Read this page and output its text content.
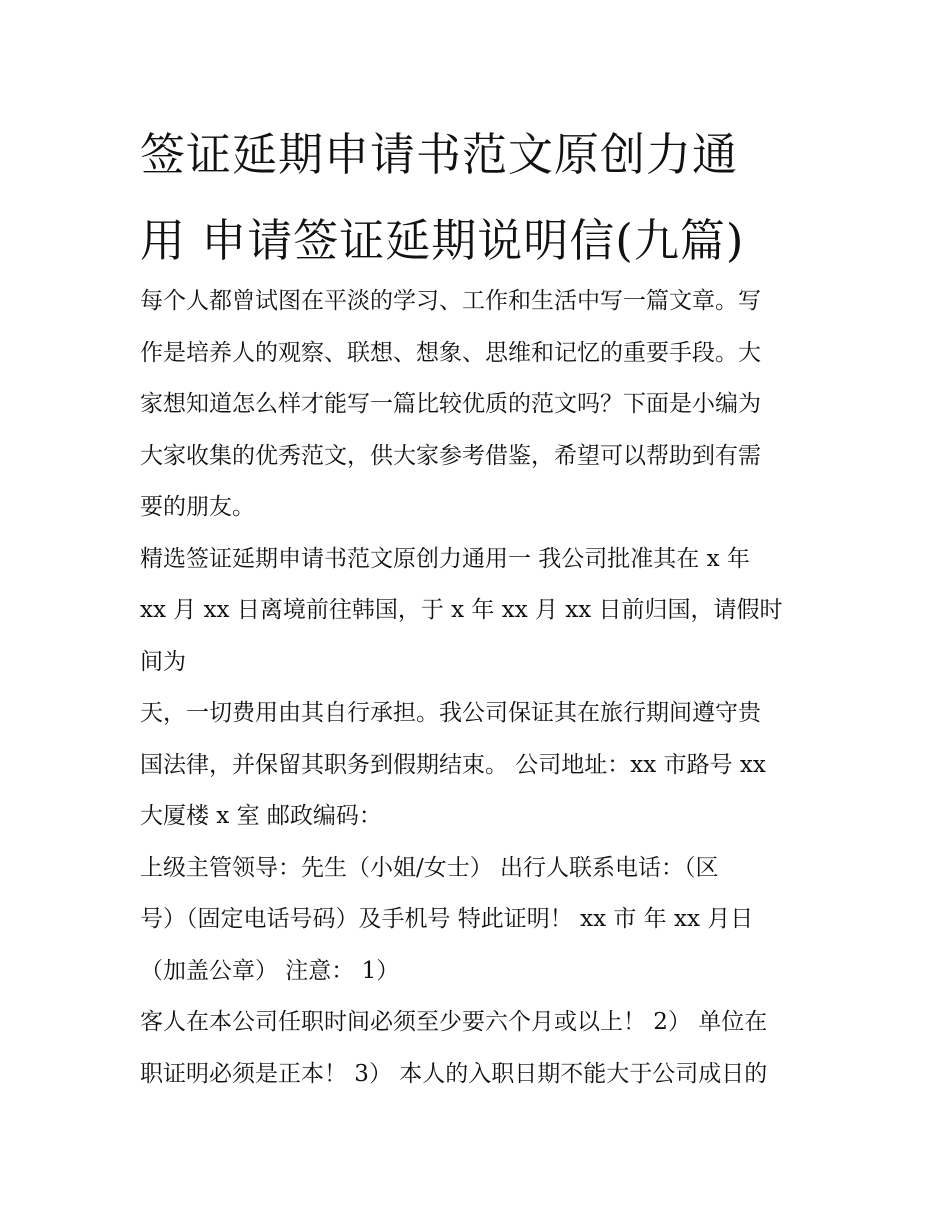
签证延期申请书范文原创力通
用 申请签证延期说明信(九篇)

每个人都曾试图在平淡的学习、工作和生活中写一篇文章。写
作是培养人的观察、联想、想象、思维和记忆的重要手段。大
家想知道怎么样才能写一篇比较优质的范文吗？下面是小编为
大家收集的优秀范文，供大家参考借鉴，希望可以帮助到有需
要的朋友。

精选签证延期申请书范文原创力通用一 我公司批准其在 x 年
xx 月 xx 日离境前往韩国，于 x 年 xx 月 xx 日前归国，请假时
间为

天，一切费用由其自行承担。我公司保证其在旅行期间遵守贵
国法律，并保留其职务到假期结束。 公司地址：xx 市路号 xx
大厦楼 x 室 邮政编码：

上级主管领导：先生（小姐/女士） 出行人联系电话：（区
号）（固定电话号码）及手机号 特此证明！ xx 市 年 xx 月日
（加盖公章） 注意： 1）

客人在本公司任职时间必须至少要六个月或以上！ 2） 单位在
职证明必须是正本！ 3） 本人的入职日期不能大于公司成日的
